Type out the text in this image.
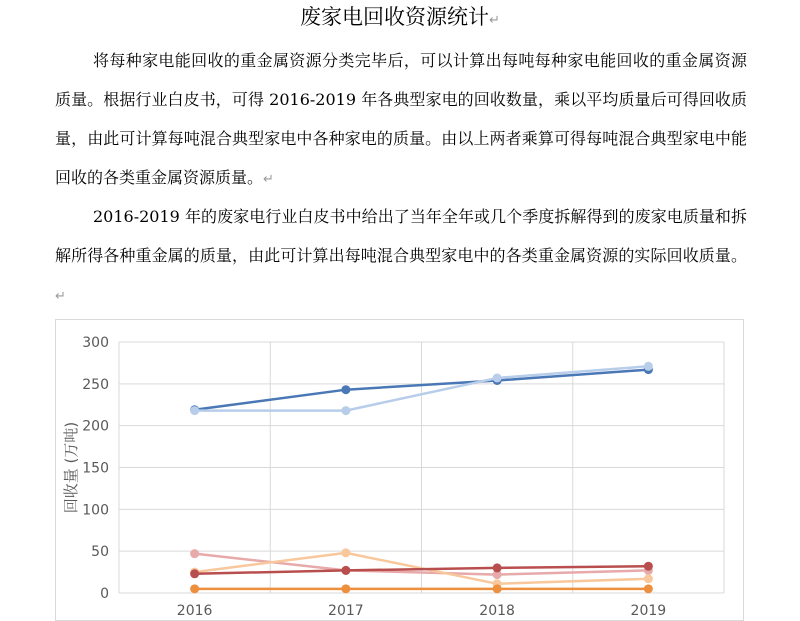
废家电回收资源统计↵

将每种家电能回收的重金属资源分类完毕后，可以计算出每吨每种家电能回收的重金属资源质量。根据行业白皮书，可得 2016-2019 年各典型家电的回收数量，乘以平均质量后可得回收质量，由此可计算每吨混合典型家电中各种家电的质量。由以上两者乘算可得每吨混合典型家电中能回收的各类重金属资源质量。↵

2016-2019 年的废家电行业白皮书中给出了当年全年或几个季度拆解得到的废家电质量和拆解所得各种重金属的质量，由此可计算出每吨混合典型家电中的各类重金属资源的实际回收质量。↵

0
50
100
150
200
250
300
2016	2017	2018	2019
回收量 (万吨)
